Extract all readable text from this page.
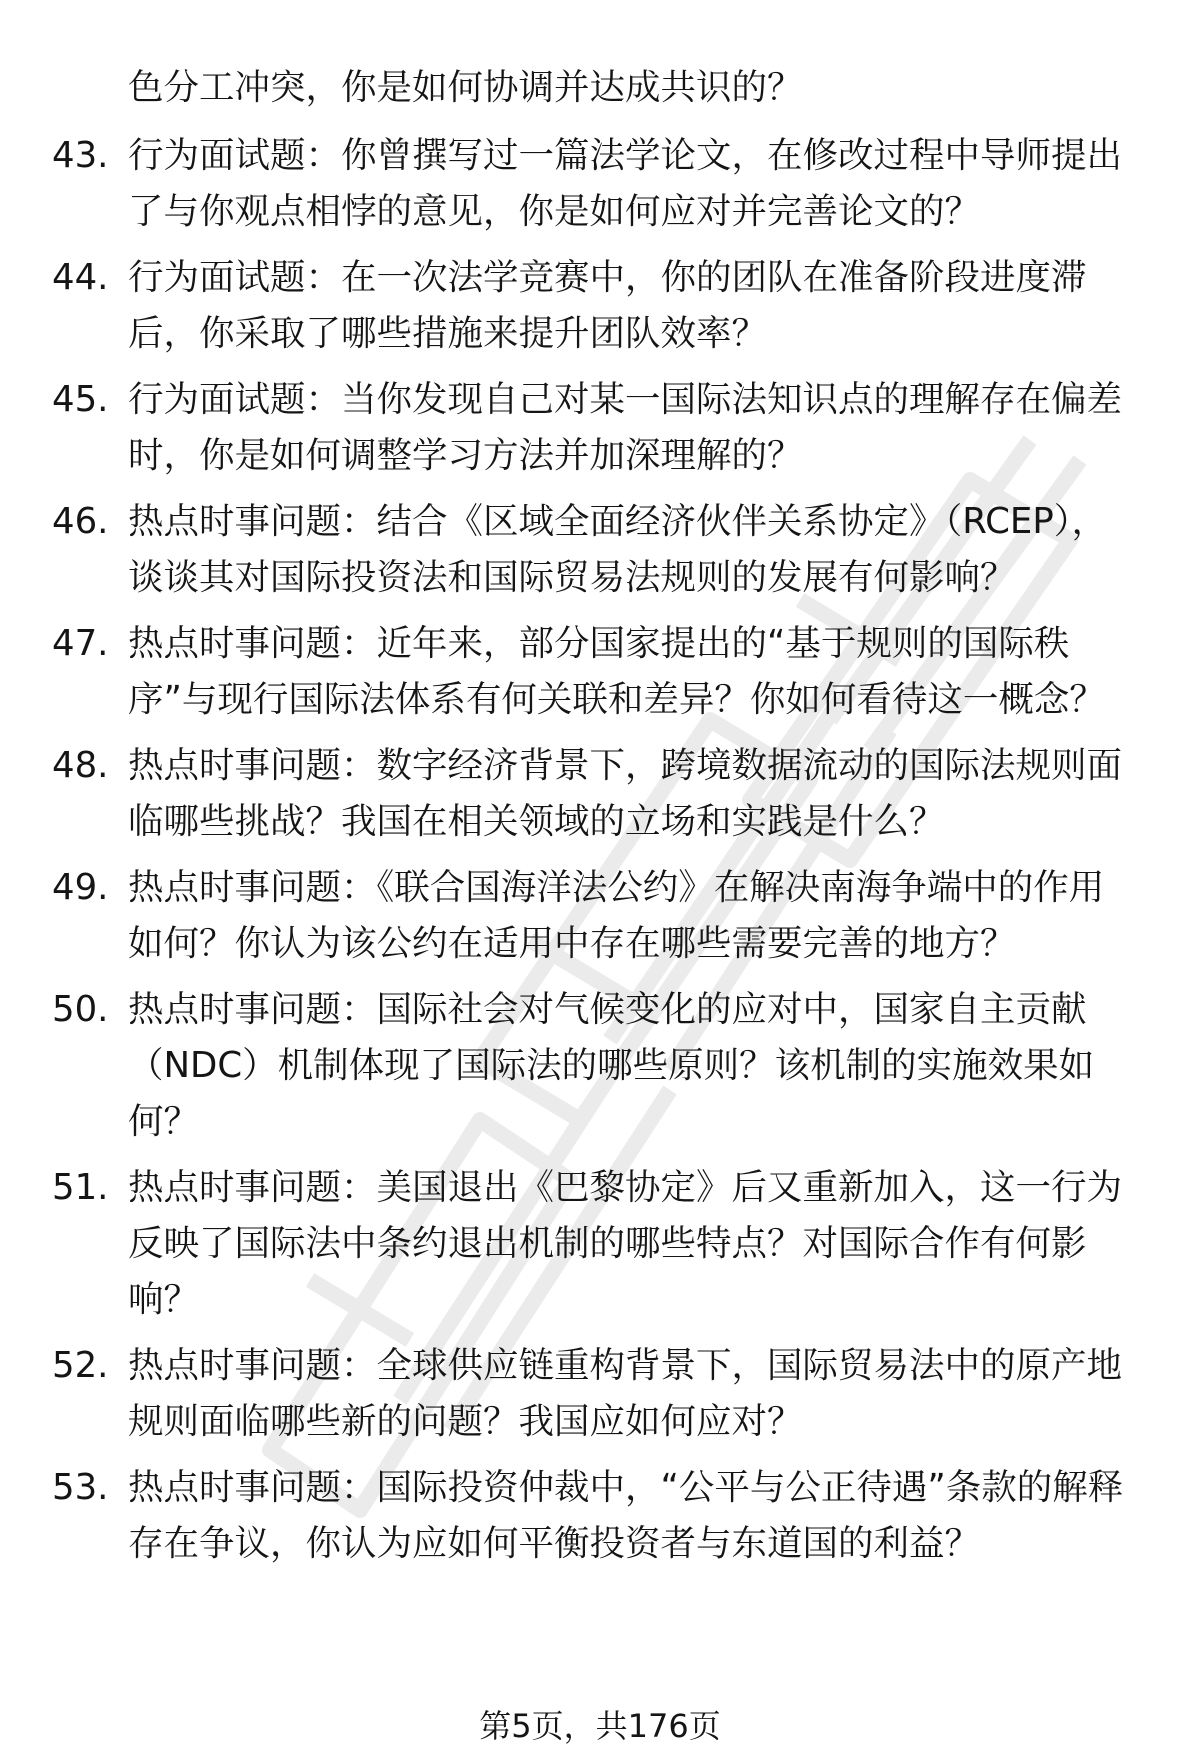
色分工冲突，你是如何协调并达成共识的？
43. 行为面试题：你曾撰写过一篇法学论文，在修改过程中导师提出了与你观点相悖的意见，你是如何应对并完善论文的？
44. 行为面试题：在一次法学竞赛中，你的团队在准备阶段进度滞后，你采取了哪些措施来提升团队效率？
45. 行为面试题：当你发现自己对某一国际法知识点的理解存在偏差时，你是如何调整学习方法并加深理解的？
46. 热点时事问题：结合《区域全面经济伙伴关系协定》（RCEP），谈谈其对国际投资法和国际贸易法规则的发展有何影响？
47. 热点时事问题：近年来，部分国家提出的“基于规则的国际秩序”与现行国际法体系有何关联和差异？你如何看待这一概念？
48. 热点时事问题：数字经济背景下，跨境数据流动的国际法规则面临哪些挑战？我国在相关领域的立场和实践是什么？
49. 热点时事问题：《联合国海洋法公约》在解决南海争端中的作用如何？你认为该公约在适用中存在哪些需要完善的地方？
50. 热点时事问题：国际社会对气候变化的应对中，国家自主贡献（NDC）机制体现了国际法的哪些原则？该机制的实施效果如何？
51. 热点时事问题：美国退出《巴黎协定》后又重新加入，这一行为反映了国际法中条约退出机制的哪些特点？对国际合作有何影响？
52. 热点时事问题：全球供应链重构背景下，国际贸易法中的原产地规则面临哪些新的问题？我国应如何应对？
53. 热点时事问题：国际投资仲裁中，“公平与公正待遇”条款的解释存在争议，你认为应如何平衡投资者与东道国的利益？
第5页，共176页
